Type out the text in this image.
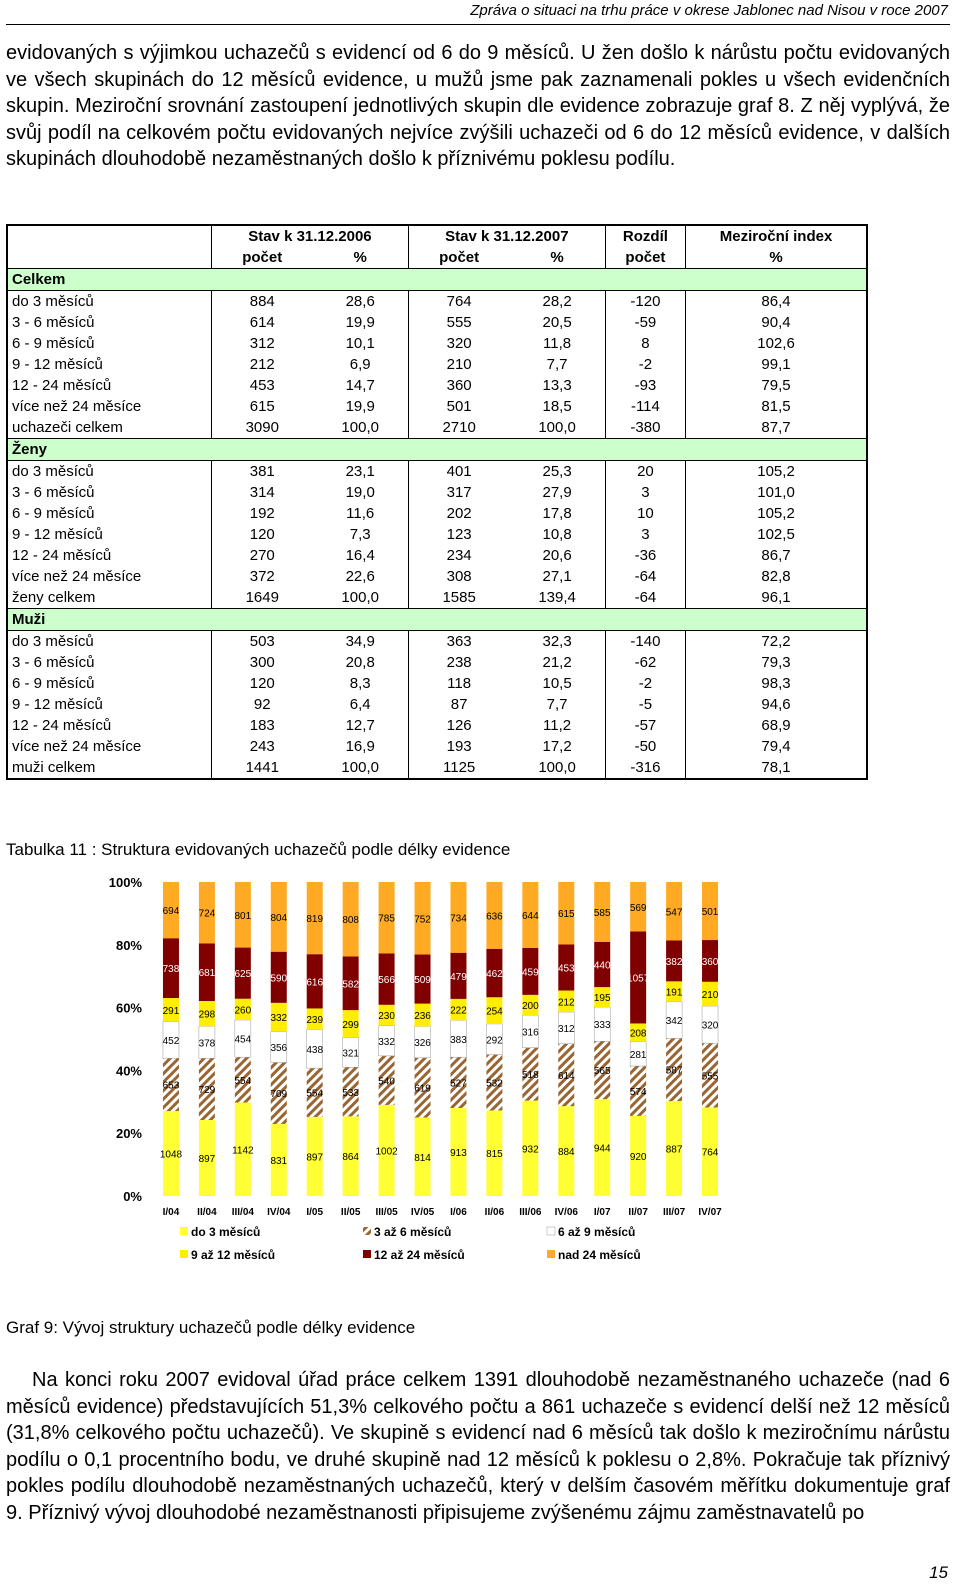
Zpráva o situaci na trhu práce v okrese Jablonec nad Nisou v roce 2007
evidovaných s výjimkou uchazečů s evidencí od 6 do 9 měsíců. U žen došlo k nárůstu počtu evidovaných ve všech skupinách do 12 měsíců evidence, u mužů jsme pak zaznamenali pokles u všech evidenčních skupin. Meziroční srovnání zastoupení jednotlivých skupin dle evidence zobrazuje graf 8. Z něj vyplývá, že svůj podíl na celkovém počtu evidovaných nejvíce zvýšili uchazeči od 6 do 12 měsíců evidence, v dalších skupinách dlouhodobě nezaměstnaných došlo k příznivému poklesu podílu.
	Stav k 31.12.2006		Stav k 31.12.2007		Rozdíl	Meziroční index
	počet	%	počet	%	počet	%
Celkem						
do 3 měsíců	884	28,6	764	28,2	-120	86,4
3 - 6 měsíců	614	19,9	555	20,5	-59	90,4
6 - 9 měsíců	312	10,1	320	11,8	8	102,6
9 - 12 měsíců	212	6,9	210	7,7	-2	99,1
12 - 24 měsíců	453	14,7	360	13,3	-93	79,5
více než 24 měsíce	615	19,9	501	18,5	-114	81,5
uchazeči celkem	3090	100,0	2710	100,0	-380	87,7
Ženy						
do 3 měsíců	381	23,1	401	25,3	20	105,2
3 - 6 měsíců	314	19,0	317	27,9	3	101,0
6 - 9 měsíců	192	11,6	202	17,8	10	105,2
9 - 12 měsíců	120	7,3	123	10,8	3	102,5
12 - 24 měsíců	270	16,4	234	20,6	-36	86,7
více než 24 měsíce	372	22,6	308	27,1	-64	82,8
ženy celkem	1649	100,0	1585	139,4	-64	96,1
Muži						
do 3 měsíců	503	34,9	363	32,3	-140	72,2
3 - 6 měsíců	300	20,8	238	21,2	-62	79,3
6 - 9 měsíců	120	8,3	118	10,5	-2	98,3
9 - 12 měsíců	92	6,4	87	7,7	-5	94,6
12 - 24 měsíců	183	12,7	126	11,2	-57	68,9
více než 24 měsíce	243	16,9	193	17,2	-50	79,4
muži celkem	1441	100,0	1125	100,0	-316	78,1
Tabulka 11 : Struktura evidovaných uchazečů podle délky evidence
0%
20%
40%
60%
80%
100%
1048
653
452
291
738
694
I/04
897
729
378
298
681
724
II/04
1142
554
454
260
625
801
III/04
831
709
356
332
590
804
IV/04
897
554
438
239
616
819
I/05
864
533
321
299
582
808
II/05
1002
540
332
230
566
785
III/05
814
619
326
236
509
752
IV/05
913
527
383
222
479
734
I/06
815
532
292
254
462
636
II/06
932
518
316
200
459
644
III/06
884
614
312
212
453
615
IV/06
944
565
333
195
440
585
I/07
920
574
281
208
1057
569
II/07
887
587
342
191
382
547
III/07
764
555
320
210
360
501
IV/07
do 3 měsíců	3 až 6 měsíců	6 až 9 měsíců
9 až 12 měsíců	12 až 24 měsíců	nad 24 měsíců
Graf 9: Vývoj struktury uchazečů podle délky evidence

Na konci roku 2007 evidoval úřad práce celkem 1391 dlouhodobě nezaměstnaného uchazeče (nad 6 měsíců evidence) představujících 51,3% celkového počtu a 861 uchazeče s evidencí delší než 12 měsíců (31,8% celkového počtu uchazečů). Ve skupině s evidencí nad 6 měsíců tak došlo k meziročnímu nárůstu podílu o 0,1 procentního bodu, ve druhé skupině nad 12 měsíců k poklesu o 2,8%. Pokračuje tak příznivý pokles podílu dlouhodobě nezaměstnaných uchazečů, který v delším časovém měřítku dokumentuje graf 9. Příznivý vývoj dlouhodobé nezaměstnanosti připisujeme zvýšenému zájmu zaměstnavatelů po

15
